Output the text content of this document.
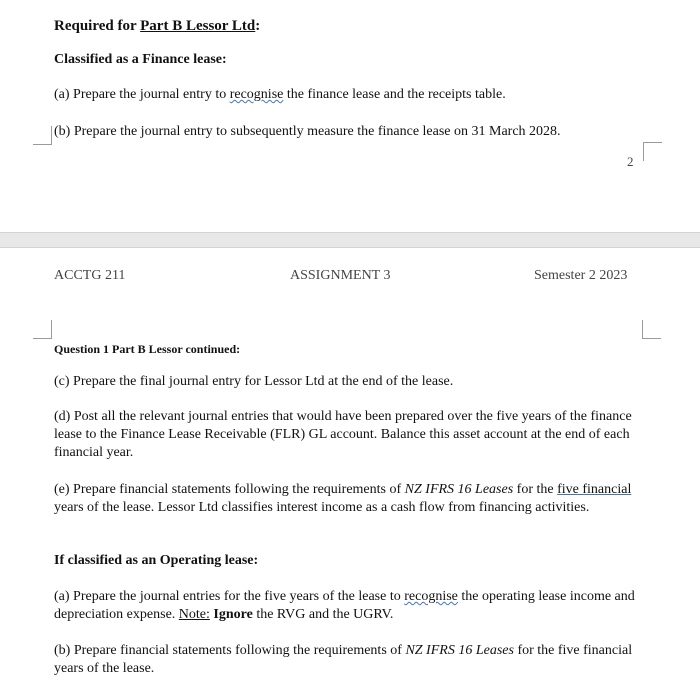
Required for Part B Lessor Ltd:
Classified as a Finance lease:
(a) Prepare the journal entry to recognise the finance lease and the receipts table.
(b) Prepare the journal entry to subsequently measure the finance lease on 31 March 2028.
2
ACCTG 211	ASSIGNMENT 3	Semester 2 2023
Question 1 Part B Lessor continued:
(c) Prepare the final journal entry for Lessor Ltd at the end of the lease.
(d) Post all the relevant journal entries that would have been prepared over the five years of the finance lease to the Finance Lease Receivable (FLR) GL account. Balance this asset account at the end of each financial year.
(e) Prepare financial statements following the requirements of NZ IFRS 16 Leases for the five financial years of the lease. Lessor Ltd classifies interest income as a cash flow from financing activities.
If classified as an Operating lease:
(a) Prepare the journal entries for the five years of the lease to recognise the operating lease income and depreciation expense. Note: Ignore the RVG and the UGRV.
(b) Prepare financial statements following the requirements of NZ IFRS 16 Leases for the five financial years of the lease.
